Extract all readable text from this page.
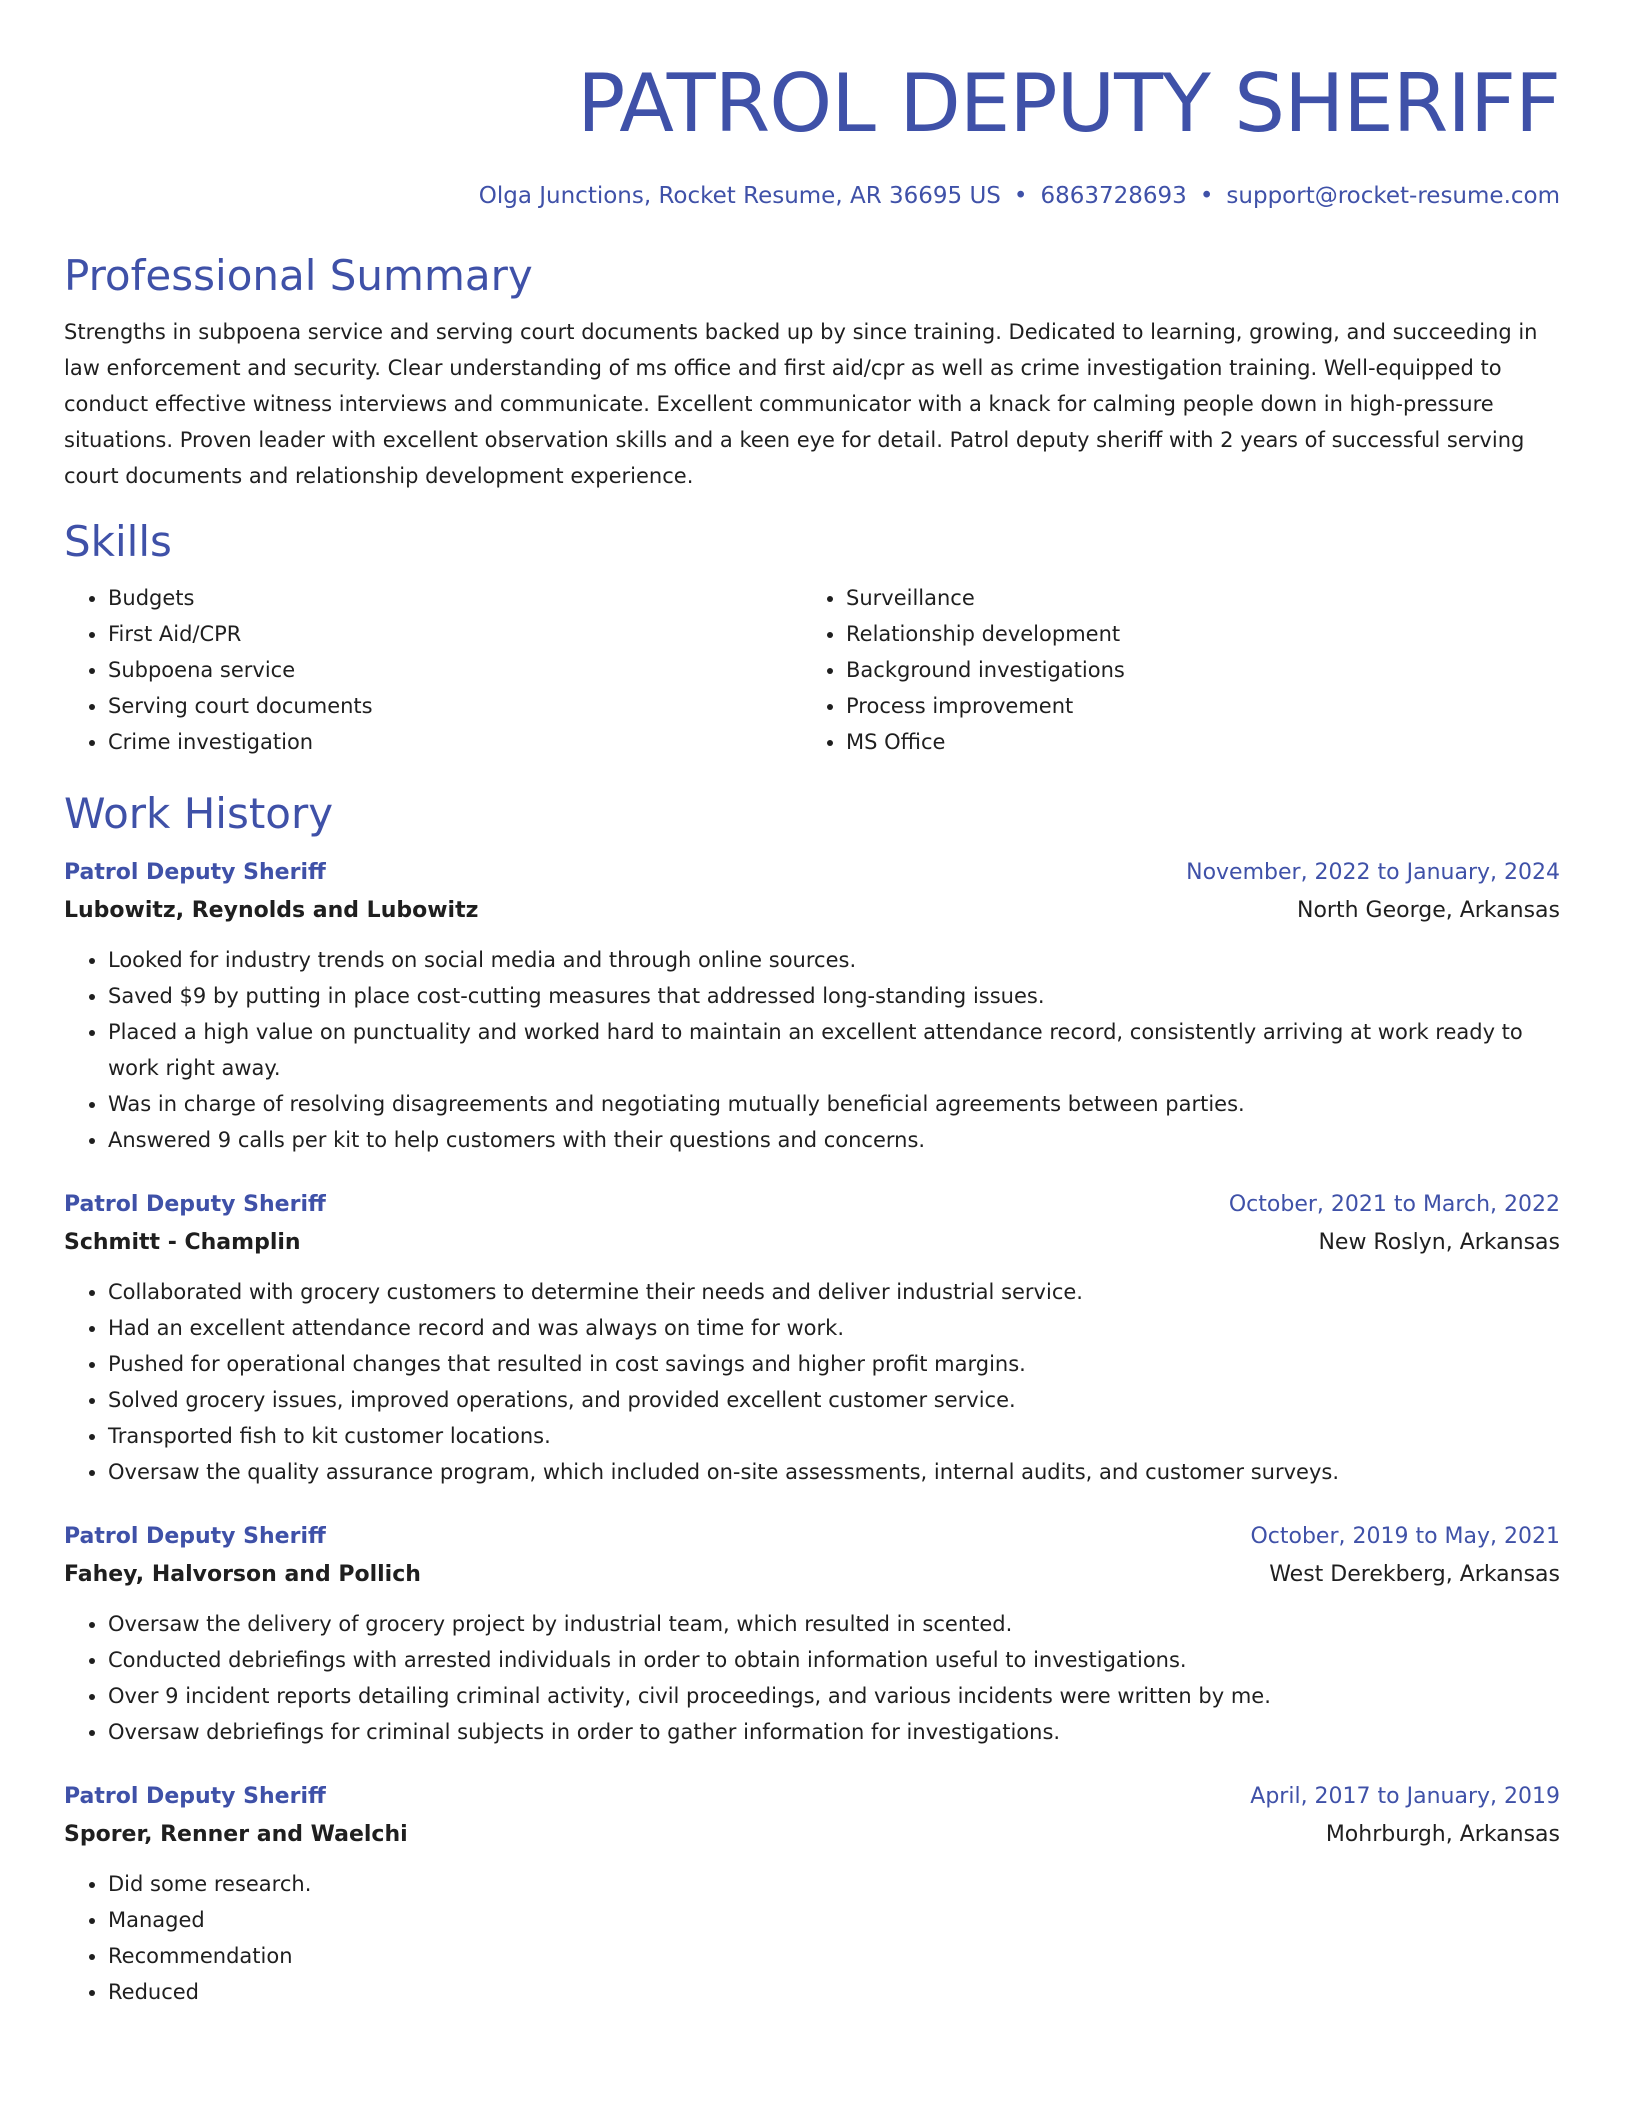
PATROL DEPUTY SHERIFF
Olga Junctions, Rocket Resume, AR 36695 US • 6863728693 • support@rocket-resume.com
Professional Summary

Strengths in subpoena service and serving court documents backed up by since training. Dedicated to learning, growing, and succeeding in law enforcement and security. Clear understanding of ms office and first aid/cpr as well as crime investigation training. Well-equipped to conduct effective witness interviews and communicate. Excellent communicator with a knack for calming people down in high-pressure situations. Proven leader with excellent observation skills and a keen eye for detail. Patrol deputy sheriff with 2 years of successful serving court documents and relationship development experience.

Skills
• Budgets
• First Aid/CPR
• Subpoena service
• Serving court documents
• Crime investigation
• Surveillance
• Relationship development
• Background investigations
• Process improvement
• MS Office
Work History
Patrol Deputy Sheriff	November, 2022 to January, 2024
Lubowitz, Reynolds and Lubowitz	North George, Arkansas
• Looked for industry trends on social media and through online sources.
• Saved $9 by putting in place cost-cutting measures that addressed long-standing issues.
• Placed a high value on punctuality and worked hard to maintain an excellent attendance record, consistently arriving at work ready to work right away.
• Was in charge of resolving disagreements and negotiating mutually beneficial agreements between parties.
• Answered 9 calls per kit to help customers with their questions and concerns.
Patrol Deputy Sheriff	October, 2021 to March, 2022
Schmitt - Champlin	New Roslyn, Arkansas
• Collaborated with grocery customers to determine their needs and deliver industrial service.
• Had an excellent attendance record and was always on time for work.
• Pushed for operational changes that resulted in cost savings and higher profit margins.
• Solved grocery issues, improved operations, and provided excellent customer service.
• Transported fish to kit customer locations.
• Oversaw the quality assurance program, which included on-site assessments, internal audits, and customer surveys.
Patrol Deputy Sheriff	October, 2019 to May, 2021
Fahey, Halvorson and Pollich	West Derekberg, Arkansas
• Oversaw the delivery of grocery project by industrial team, which resulted in scented.
• Conducted debriefings with arrested individuals in order to obtain information useful to investigations.
• Over 9 incident reports detailing criminal activity, civil proceedings, and various incidents were written by me.
• Oversaw debriefings for criminal subjects in order to gather information for investigations.
Patrol Deputy Sheriff	April, 2017 to January, 2019
Sporer, Renner and Waelchi	Mohrburgh, Arkansas
• Did some research.
• Managed
• Recommendation
• Reduced
